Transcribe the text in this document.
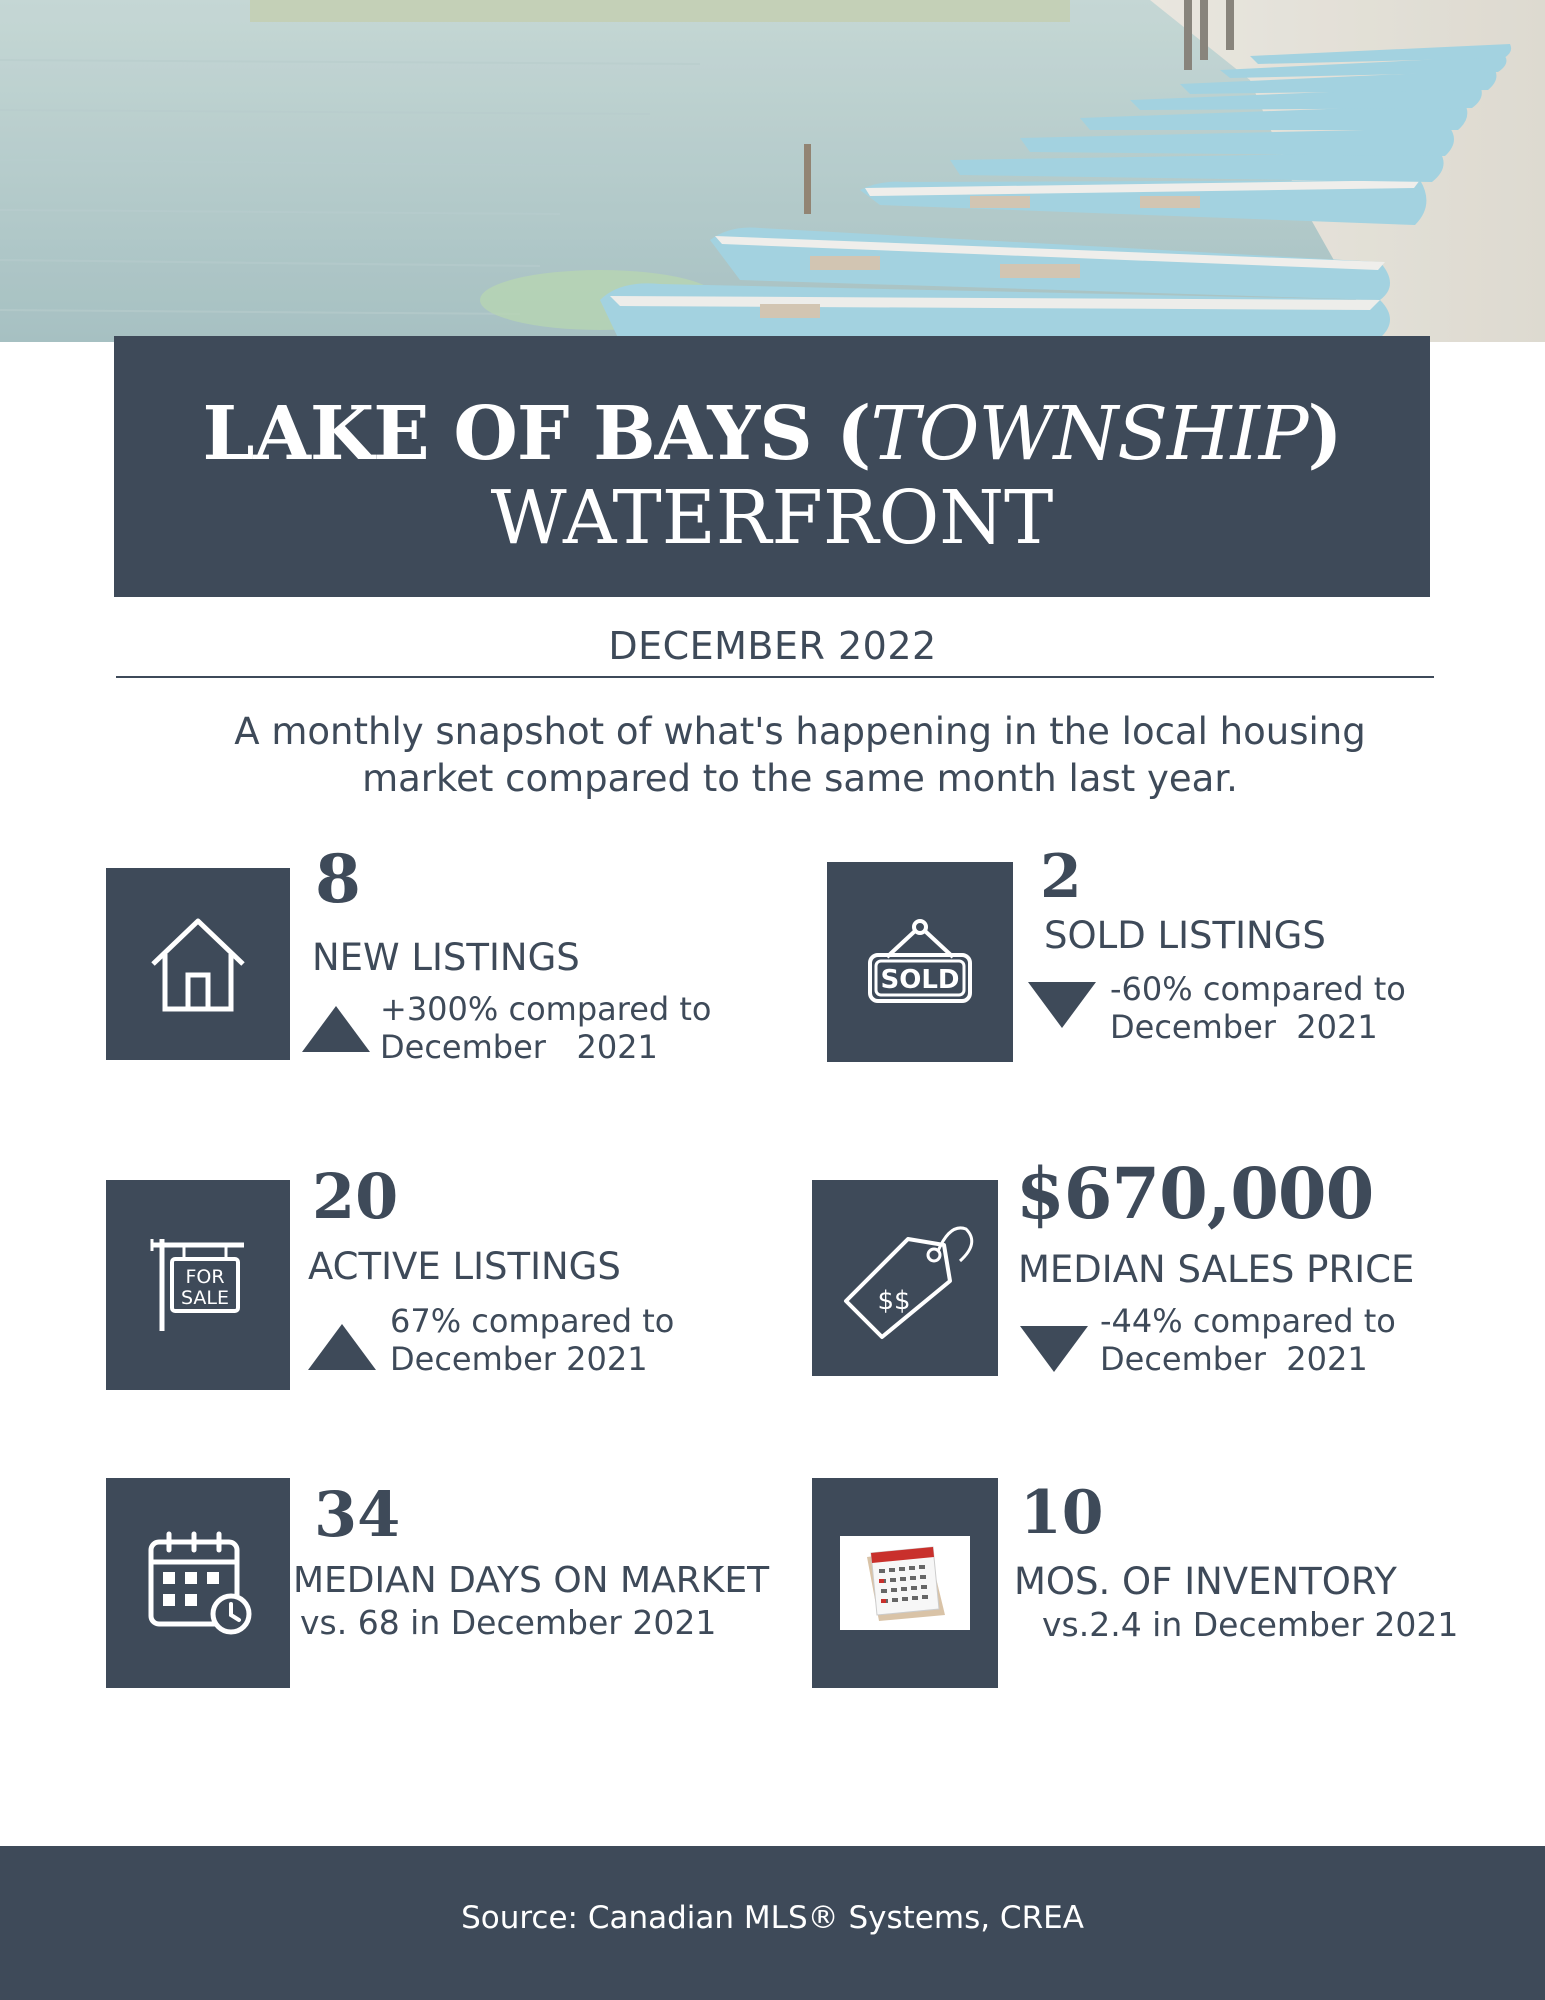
LAKE OF BAYS (TOWNSHIP)
WATERFRONT
DECEMBER 2022
A monthly snapshot of what's happening in the local housing
market compared to the same month last year.
8
NEW LISTINGS
+300% compared to
December   2021
SOLD
2
SOLD LISTINGS
-60% compared to
December  2021
FOR
SALE
20
ACTIVE LISTINGS
67% compared to
December 2021
$$
$670,000
MEDIAN SALES PRICE
-44% compared to
December  2021
34
MEDIAN DAYS ON MARKET
vs. 68 in December 2021
10
MOS. OF INVENTORY
vs.2.4 in December 2021
Source: Canadian MLS® Systems, CREA
